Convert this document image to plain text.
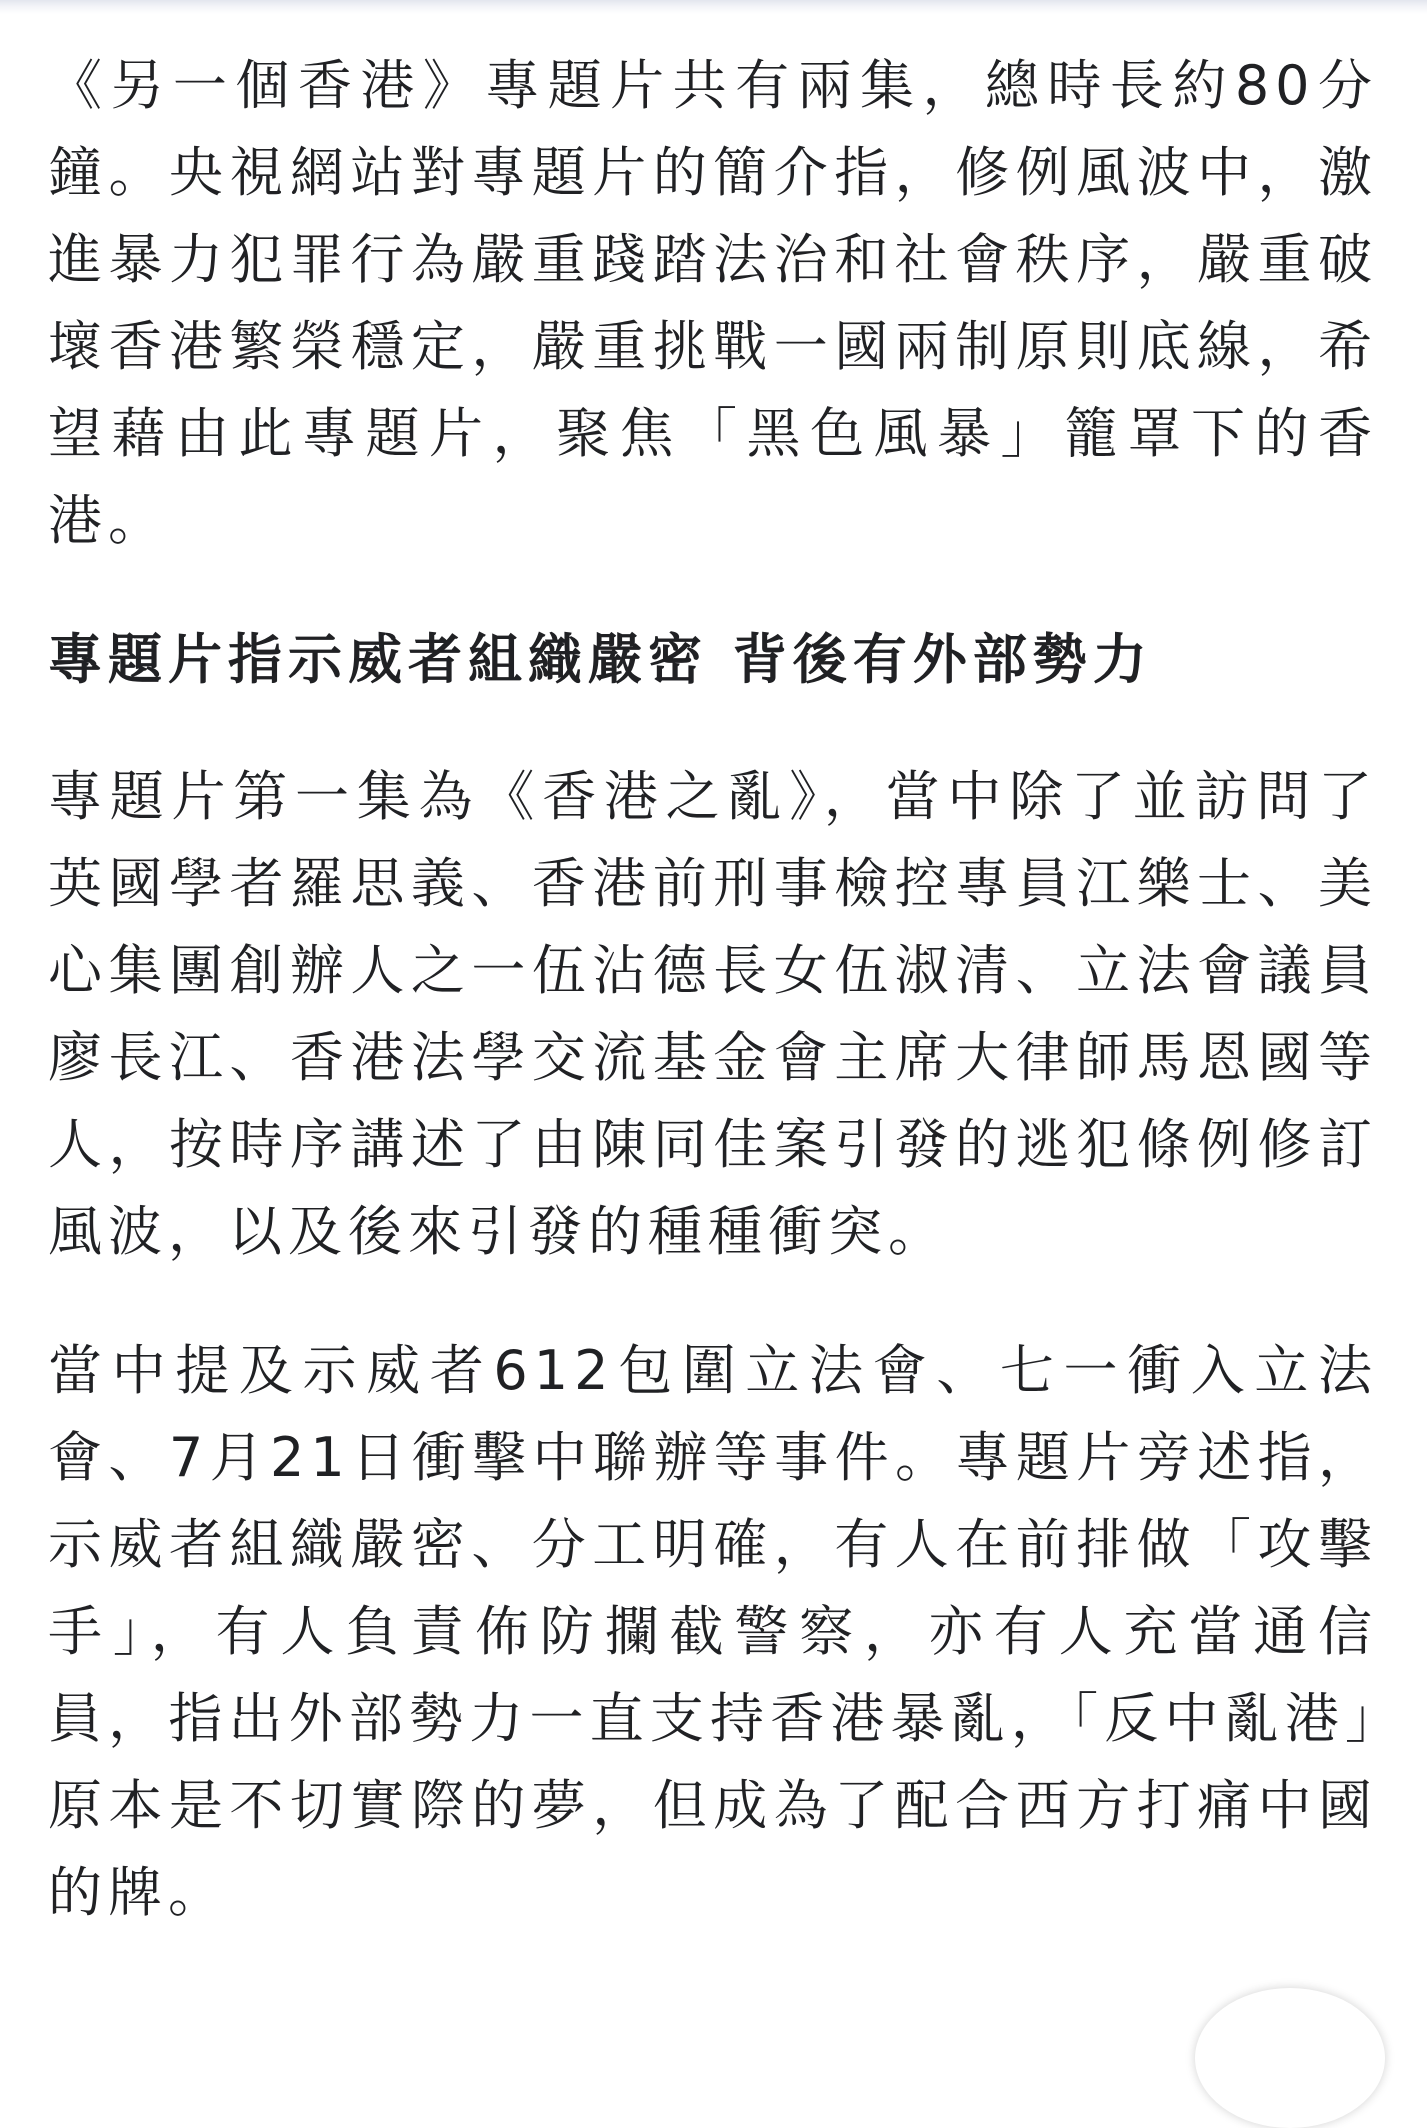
《另一個香港》專題片共有兩集，總時長約80分鐘。央視網站對專題片的簡介指，修例風波中，激進暴力犯罪行為嚴重踐踏法治和社會秩序，嚴重破壞香港繁榮穩定，嚴重挑戰一國兩制原則底線，希望藉由此專題片，聚焦「黑色風暴」籠罩下的香港。

專題片指示威者組織嚴密 背後有外部勢力

專題片第一集為《香港之亂》，當中除了並訪問了英國學者羅思義、香港前刑事檢控專員江樂士、美心集團創辦人之一伍沾德長女伍淑清、立法會議員廖長江、香港法學交流基金會主席大律師馬恩國等人，按時序講述了由陳同佳案引發的逃犯條例修訂風波，以及後來引發的種種衝突。

當中提及示威者612包圍立法會、七一衝入立法會、7月21日衝擊中聯辦等事件。專題片旁述指，示威者組織嚴密、分工明確，有人在前排做「攻擊手」，有人負責佈防攔截警察，亦有人充當通信員，指出外部勢力一直支持香港暴亂，「反中亂港」原本是不切實際的夢，但成為了配合西方打痛中國的牌。
